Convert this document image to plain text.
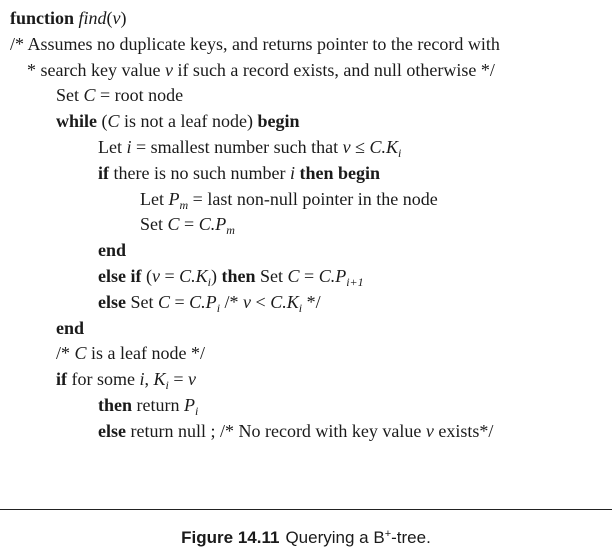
function find(v)
/* Assumes no duplicate keys, and returns pointer to the record with
* search key value v if such a record exists, and null otherwise */
Set C = root node
while (C is not a leaf node) begin
Let i = smallest number such that $v \le C.K_i$
if there is no such number i then begin
Let $P_m$ = last non-null pointer in the node
Set $C = C.P_m$
end
else if $(v = C.K_i)$ then Set $C = C.P_{i+1}$
else Set $C = C.P_i /* v < C.K_i$ */
end
/* C is a leaf node */
if for some i, $K_i = v$
then return $P_i$
else return null ; /* No record with key value v exists*/
Figure 14.11 Querying a B+-tree.
